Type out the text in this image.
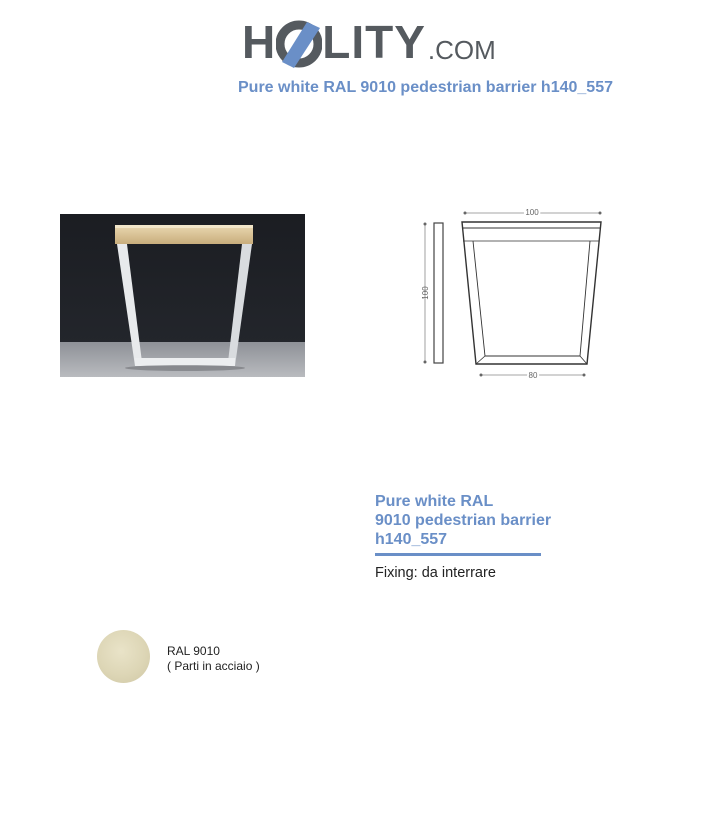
H LITY .COM
Pure white RAL 9010 pedestrian barrier h140_557
100
100
80
Pure white RAL
9010 pedestrian barrier
h140_557
Fixing: da interrare
RAL 9010
( Parti in acciaio )
